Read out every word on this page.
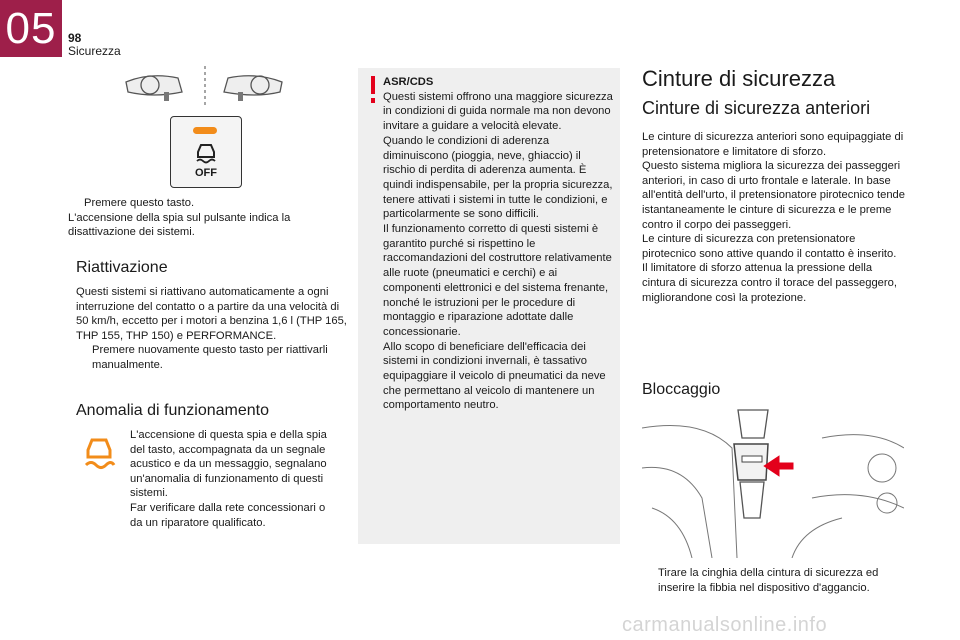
05 98
Sicurezza
OFF
Premere questo tasto.
L'accensione della spia sul pulsante indica la disattivazione dei sistemi.
Riattivazione
Questi sistemi si riattivano automaticamente a ogni interruzione del contatto o a partire da una velocità di 50 km/h, eccetto per i motori a benzina 1,6 l (THP 165, THP 155, THP 150) e PERFORMANCE.
Premere nuovamente questo tasto per riattivarli manualmente.
Anomalia di funzionamento
L'accensione di questa spia e della spia del tasto, accompagnata da un segnale acustico e da un messaggio, segnalano un'anomalia di funzionamento di questi sistemi.
Far verificare dalla rete concessionari o da un riparatore qualificato.
ASR/CDS
Questi sistemi offrono una maggiore sicurezza in condizioni di guida normale ma non devono invitare a guidare a velocità elevate.
Quando le condizioni di aderenza diminuiscono (pioggia, neve, ghiaccio) il rischio di perdita di aderenza aumenta. È quindi indispensabile, per la propria sicurezza, tenere attivati i sistemi in tutte le condizioni, e particolarmente se sono difficili.
Il funzionamento corretto di questi sistemi è garantito purché si rispettino le raccomandazioni del costruttore relativamente alle ruote (pneumatici e cerchi) e ai componenti elettronici e del sistema frenante, nonché le istruzioni per le procedure di montaggio e riparazione adottate dalle concessionarie.
Allo scopo di beneficiare dell'efficacia dei sistemi in condizioni invernali, è tassativo equipaggiare il veicolo di pneumatici da neve che permettano al veicolo di mantenere un comportamento neutro.
Cinture di sicurezza
Cinture di sicurezza anteriori
Le cinture di sicurezza anteriori sono equipaggiate di pretensionatore e limitatore di sforzo.
Questo sistema migliora la sicurezza dei passeggeri anteriori, in caso di urto frontale e laterale. In base all'entità dell'urto, il pretensionatore pirotecnico tende istantaneamente le cinture di sicurezza e le preme contro il corpo dei passeggeri.
Le cinture di sicurezza con pretensionatore pirotecnico sono attive quando il contatto è inserito.
Il limitatore di sforzo attenua la pressione della cintura di sicurezza contro il torace del passeggero, migliorandone così la protezione.
Bloccaggio
Tirare la cinghia della cintura di sicurezza ed inserire la fibbia nel dispositivo d'aggancio.
carmanualsonline.info
